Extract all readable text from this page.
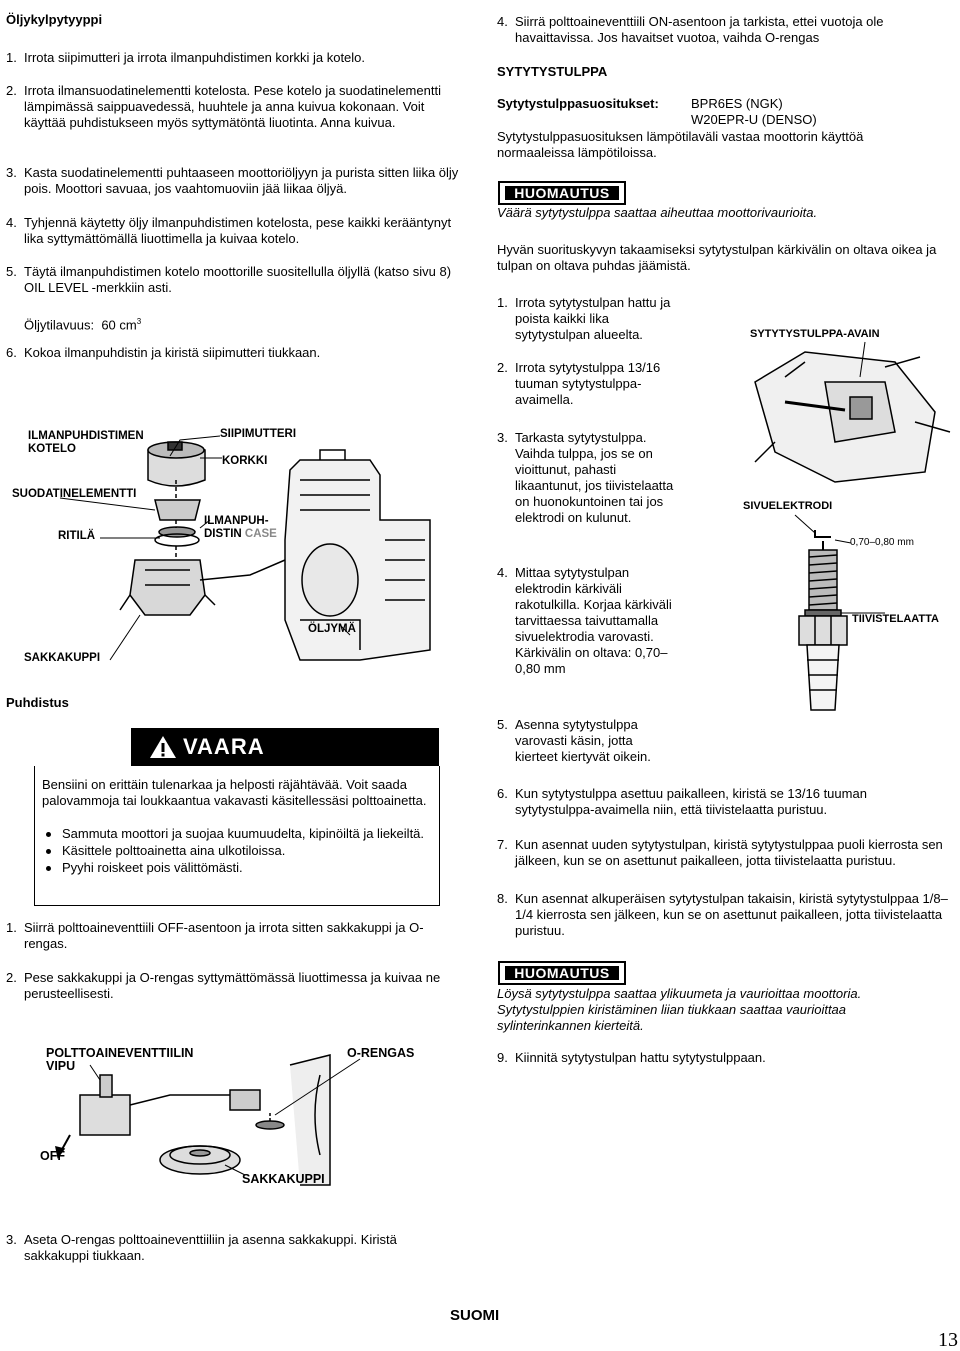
Öljykylpytyyppi
1. Irrota siipimutteri ja irrota ilmanpuhdistimen korkki ja kotelo.
2. Irrota ilmansuodatinelementti kotelosta. Pese kotelo ja suodatinelementti lämpimässä saippuavedessä, huuhtele ja anna kuivua kokonaan. Voit käyttää puhdistukseen myös syttymätöntä liuotinta. Anna kuivua.
3. Kasta suodatinelementti puhtaaseen moottoriöljyyn ja purista sitten liika öljy pois. Moottori savuaa, jos vaahtomuoviin jää liikaa öljyä.
4. Tyhjennä käytetty öljy ilmanpuhdistimen kotelosta, pese kaikki kerääntynyt lika syttymättömällä liuottimella ja kuivaa kotelo.
5. Täytä ilmanpuhdistimen kotelo moottorille suositellulla öljyllä (katso sivu 8) OIL LEVEL -merkkiin asti.
Öljytilavuus: 60 $cm^3$
6. Kokoa ilmanpuhdistin ja kiristä siipimutteri tiukkaan.
ILMANPUHDISTIMEN
KOTELO
SIIPIMUTTERI
KORKKI
SUODATINELEMENTTI
RITILÄ
ILMANPUH-
DISTIN CASE
ÖLJYMÄ
SAKKAKUPPI
Puhdistus
VAARA
Bensiini on erittäin tulenarkaa ja helposti räjähtävää. Voit saada palovammoja tai loukkaantua vakavasti käsitellessäsi polttoainetta.
Sammuta moottori ja suojaa kuumuudelta, kipinöiltä ja liekeiltä.
Käsittele polttoainetta aina ulkotiloissa.
Pyyhi roiskeet pois välittömästi.
1. Siirrä polttoaineventtiili OFF-asentoon ja irrota sitten sakkakuppi ja O-rengas.
2. Pese sakkakuppi ja O-rengas syttymättömässä liuottimessa ja kuivaa ne perusteellisesti.
POLTTOAINEVENTTIILIN
VIPU
O-RENGAS
OFF
SAKKAKUPPI
3. Aseta O-rengas polttoaineventtiiliin ja asenna sakkakuppi. Kiristä sakkakuppi tiukkaan.
4. Siirrä polttoaineventtiili ON-asentoon ja tarkista, ettei vuotoja ole havaittavissa. Jos havaitset vuotoa, vaihda O-rengas
SYTYTYSTULPPA
Sytytystulppasuositukset: BPR6ES (NGK)
W20EPR-U (DENSO)
Sytytystulppasuosituksen lämpötilaväli vastaa moottorin käyttöä normaaleissa lämpötiloissa.
HUOMAUTUS
Väärä sytytystulppa saattaa aiheuttaa moottorivaurioita.
Hyvän suorituskyvyn takaamiseksi sytytystulpan kärkivälin on oltava oikea ja tulpan on oltava puhdas jäämistä.
1. Irrota sytytystulpan hattu ja poista kaikki lika sytytystulpan alueelta.
2. Irrota sytytystulppa 13/16 tuuman sytytystulppa-avaimella.
3. Tarkasta sytytystulppa. Vaihda tulppa, jos se on vioittunut, pahasti likaantunut, jos tiivistelaatta on huonokuntoinen tai jos elektrodi on kulunut.
4. Mittaa sytytystulpan elektrodin kärkiväli rakotulkilla. Korjaa kärkiväli tarvittaessa taivuttamalla sivuelektrodia varovasti. Kärkivälin on oltava: 0,70–0,80 mm
5. Asenna sytytystulppa varovasti käsin, jotta kierteet kiertyvät oikein.
SYTYTYSTULPPA-AVAIN
SIVUELEKTRODI
0,70–0,80 mm
TIIVISTELAATTA
6. Kun sytytystulppa asettuu paikalleen, kiristä se 13/16 tuuman sytytystulppa-avaimella niin, että tiivistelaatta puristuu.
7. Kun asennat uuden sytytystulpan, kiristä sytytystulppaa puoli kierrosta sen jälkeen, kun se on asettunut paikalleen, jotta tiivistelaatta puristuu.
8. Kun asennat alkuperäisen sytytystulpan takaisin, kiristä sytytystulppaa 1/8–1/4 kierrosta sen jälkeen, kun se on asettunut paikalleen, jotta tiivistelaatta puristuu.
HUOMAUTUS
Löysä sytytystulppa saattaa ylikuumeta ja vaurioittaa moottoria. Sytytystulppien kiristäminen liian tiukkaan saattaa vaurioittaa sylinterinkannen kierteitä.
9. Kiinnitä sytytystulpan hattu sytytystulppaan.
SUOMI
13
